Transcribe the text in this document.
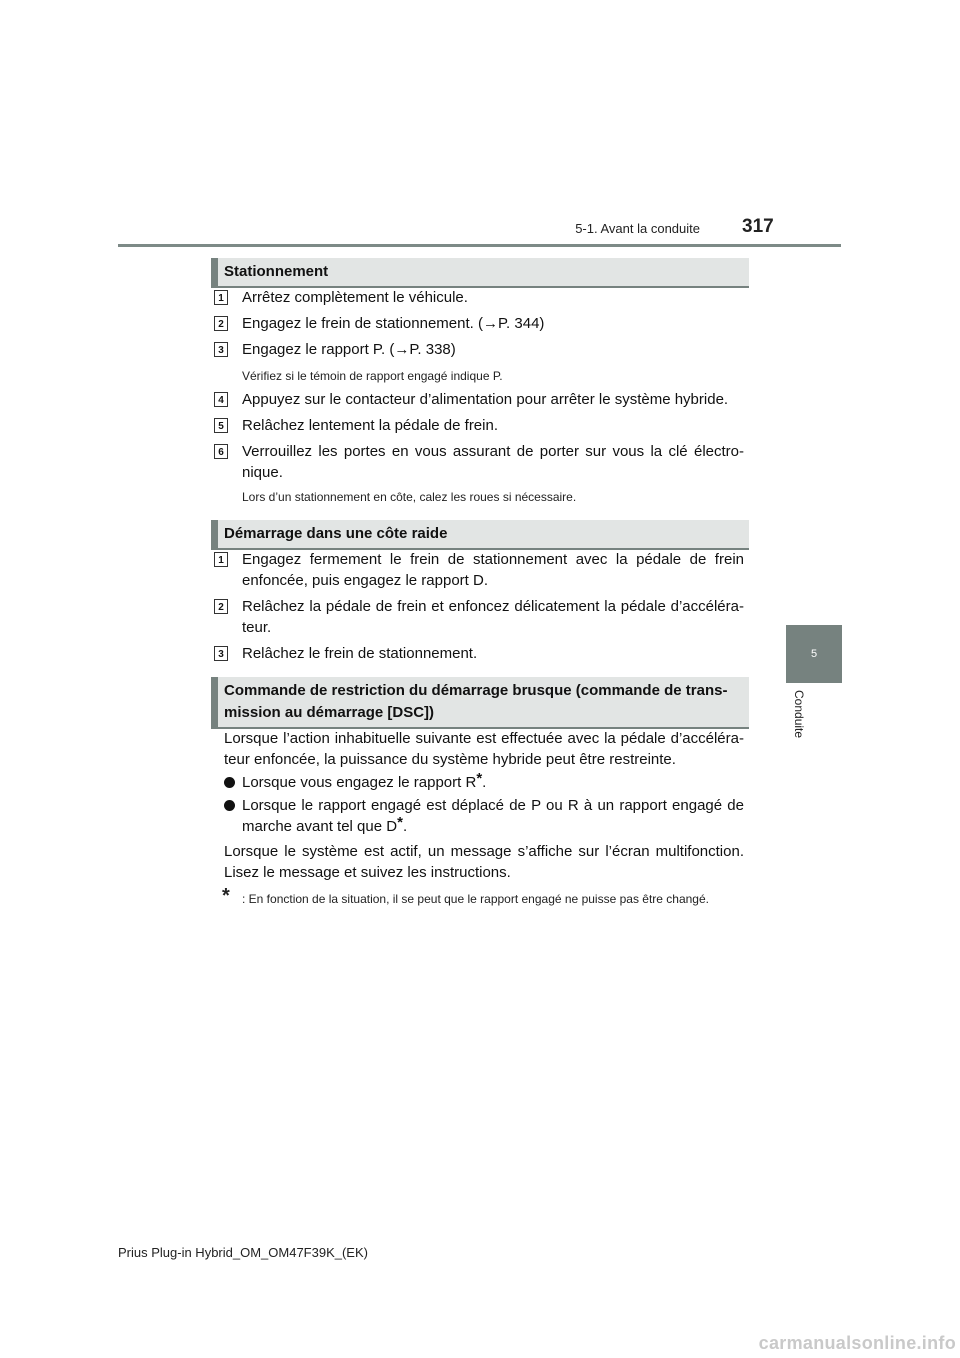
5-1. Avant la conduite 317
5
Conduite
Stationnement
1 Arrêtez complètement le véhicule.
2 Engagez le frein de stationnement. (→P. 344)
3 Engagez le rapport P. (→P. 338)
Vérifiez si le témoin de rapport engagé indique P.
4 Appuyez sur le contacteur d’alimentation pour arrêter le système hybride.
5 Relâchez lentement la pédale de frein.
6 Verrouillez les portes en vous assurant de porter sur vous la clé électro-nique.
Lors d’un stationnement en côte, calez les roues si nécessaire.
Démarrage dans une côte raide
1 Engagez fermement le frein de stationnement avec la pédale de frein enfoncée, puis engagez le rapport D.
2 Relâchez la pédale de frein et enfoncez délicatement la pédale d’accéléra-teur.
3 Relâchez le frein de stationnement.
Commande de restriction du démarrage brusque (commande de trans-mission au démarrage [DSC])
Lorsque l’action inhabituelle suivante est effectuée avec la pédale d’accéléra-teur enfoncée, la puissance du système hybride peut être restreinte.
Lorsque vous engagez le rapport R*.
Lorsque le rapport engagé est déplacé de P ou R à un rapport engagé de marche avant tel que D*.
Lorsque le système est actif, un message s’affiche sur l’écran multifonction. Lisez le message et suivez les instructions.
* : En fonction de la situation, il se peut que le rapport engagé ne puisse pas être changé.
Prius Plug-in Hybrid_OM_OM47F39K_(EK)
carmanualsonline.info
